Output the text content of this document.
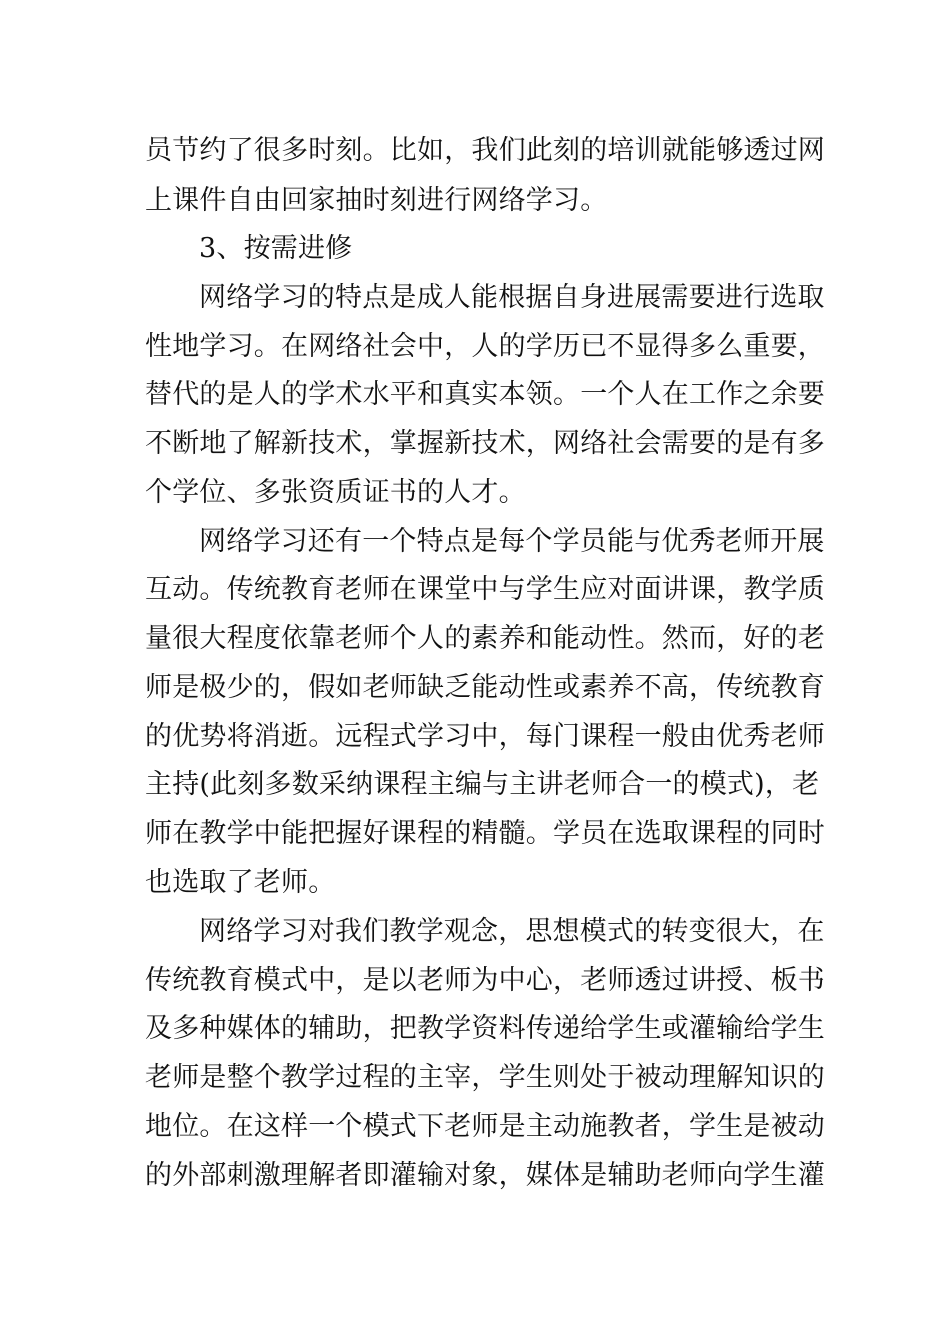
员节约了很多时刻。比如，我们此刻的培训就能够透过网
上课件自由回家抽时刻进行网络学习。
3、按需进修
网络学习的特点是成人能根据自身进展需要进行选取
性地学习。在网络社会中，人的学历已不显得多么重要，
替代的是人的学术水平和真实本领。一个人在工作之余要
不断地了解新技术，掌握新技术，网络社会需要的是有多
个学位、多张资质证书的人才。
网络学习还有一个特点是每个学员能与优秀老师开展
互动。传统教育老师在课堂中与学生应对面讲课，教学质
量很大程度依靠老师个人的素养和能动性。然而，好的老
师是极少的，假如老师缺乏能动性或素养不高，传统教育
的优势将消逝。远程式学习中，每门课程一般由优秀老师
主持(此刻多数采纳课程主编与主讲老师合一的模式)，老
师在教学中能把握好课程的精髓。学员在选取课程的同时
也选取了老师。
网络学习对我们教学观念，思想模式的转变很大，在
传统教育模式中，是以老师为中心，老师透过讲授、板书
及多种媒体的辅助，把教学资料传递给学生或灌输给学生
老师是整个教学过程的主宰，学生则处于被动理解知识的
地位。在这样一个模式下老师是主动施教者，学生是被动
的外部刺激理解者即灌输对象，媒体是辅助老师向学生灌
